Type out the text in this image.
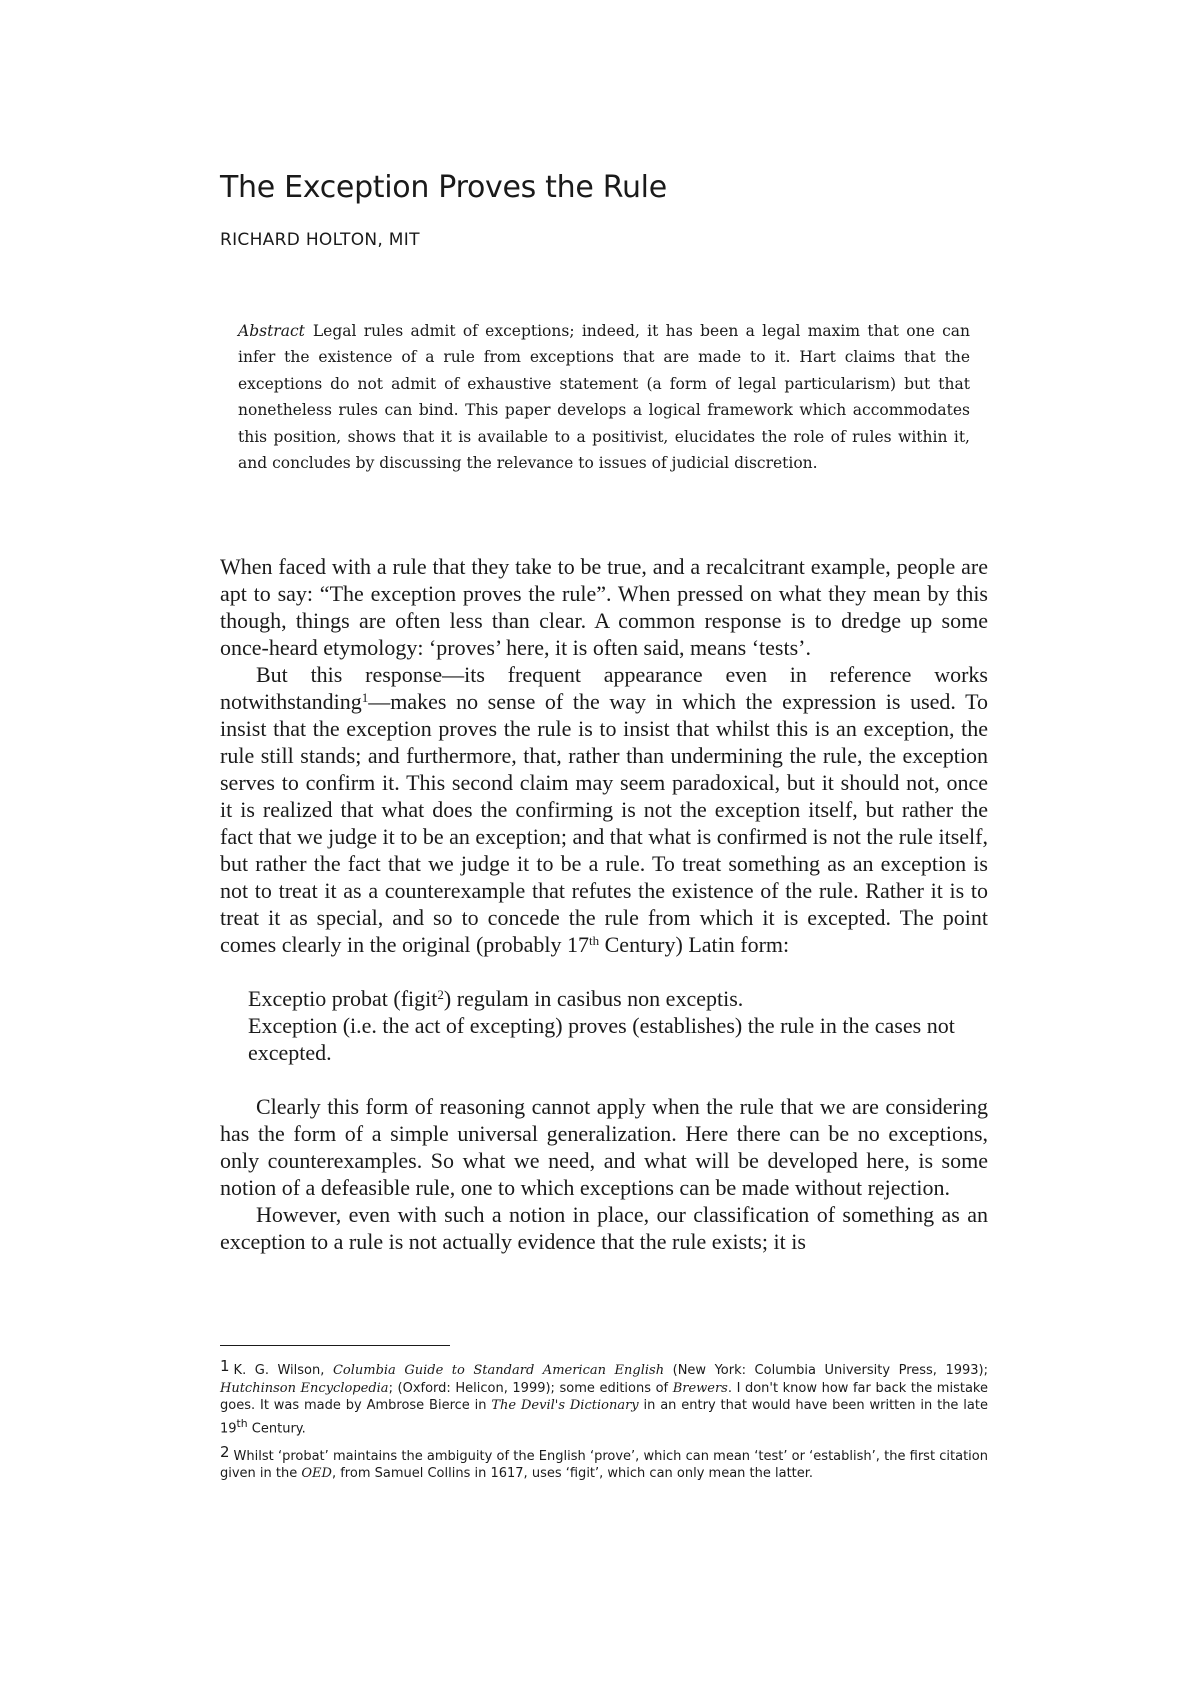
The Exception Proves the Rule
RICHARD HOLTON, MIT

Abstract Legal rules admit of exceptions; indeed, it has been a legal maxim that one can infer the existence of a rule from exceptions that are made to it. Hart claims that the exceptions do not admit of exhaustive statement (a form of legal particularism) but that nonetheless rules can bind. This paper develops a logical framework which accommodates this position, shows that it is available to a positivist, elucidates the role of rules within it, and concludes by discussing the relevance to issues of judicial discretion.

When faced with a rule that they take to be true, and a recalcitrant example, people are apt to say: “The exception proves the rule”. When pressed on what they mean by this though, things are often less than clear. A common response is to dredge up some once-heard etymology: ‘proves’ here, it is often said, means ‘tests’.

But this response—its frequent appearance even in reference works notwithstanding$^1$—makes no sense of the way in which the expression is used. To insist that the exception proves the rule is to insist that whilst this is an exception, the rule still stands; and furthermore, that, rather than undermining the rule, the exception serves to confirm it. This second claim may seem paradoxical, but it should not, once it is realized that what does the confirming is not the exception itself, but rather the fact that we judge it to be an exception; and that what is confirmed is not the rule itself, but rather the fact that we judge it to be a rule. To treat something as an exception is not to treat it as a counterexample that refutes the existence of the rule. Rather it is to treat it as special, and so to concede the rule from which it is excepted. The point comes clearly in the original (probably 17th Century) Latin form:

Exceptio probat (figit$^2$) regulam in casibus non exceptis.
Exception (i.e. the act of excepting) proves (establishes) the rule in the cases not excepted.

Clearly this form of reasoning cannot apply when the rule that we are considering has the form of a simple universal generalization. Here there can be no exceptions, only counterexamples. So what we need, and what will be developed here, is some notion of a defeasible rule, one to which exceptions can be made without rejection.

However, even with such a notion in place, our classification of something as an exception to a rule is not actually evidence that the rule exists; it is

1 K. G. Wilson, Columbia Guide to Standard American English (New York: Columbia University Press, 1993); Hutchinson Encyclopedia; (Oxford: Helicon, 1999); some editions of Brewers. I don't know how far back the mistake goes. It was made by Ambrose Bierce in The Devil's Dictionary in an entry that would have been written in the late 19th Century.

2 Whilst ‘probat’ maintains the ambiguity of the English ‘prove’, which can mean ‘test’ or ‘establish’, the first citation given in the OED, from Samuel Collins in 1617, uses ‘figit’, which can only mean the latter.
